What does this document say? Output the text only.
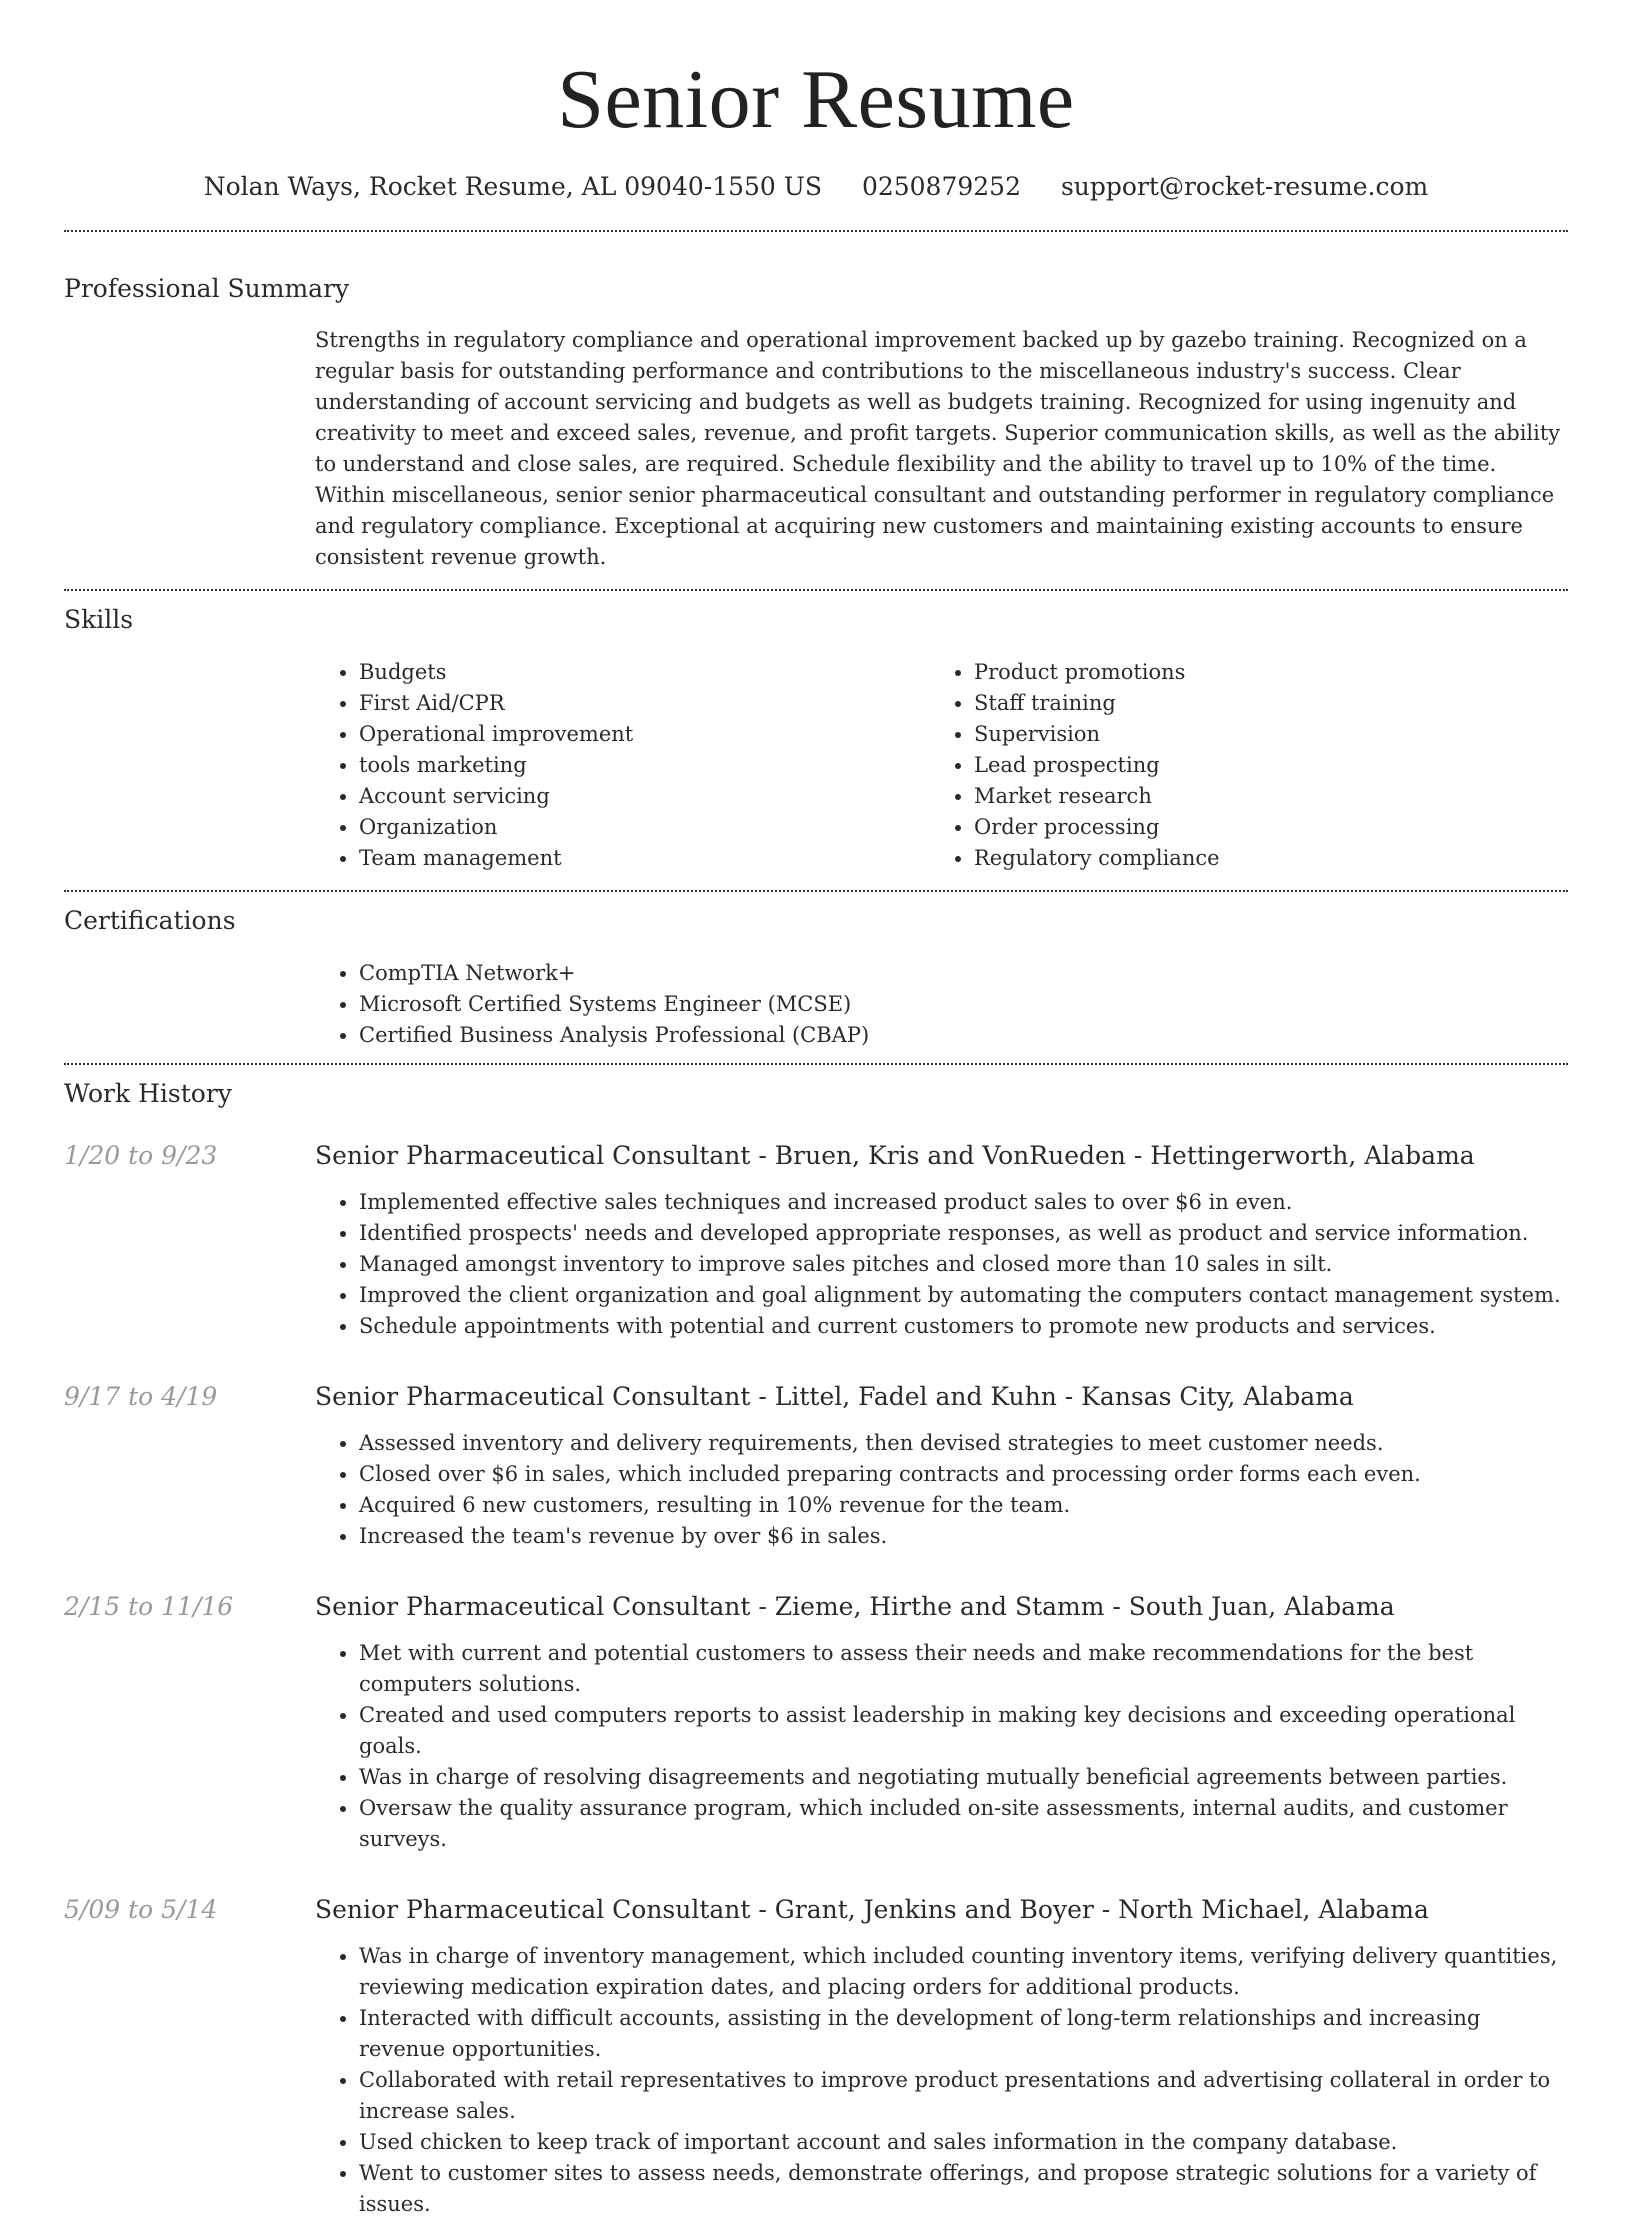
Senior Resume
Nolan Ways, Rocket Resume, AL 09040-1550 US 0250879252 support@rocket-resume.com
Professional Summary
Strengths in regulatory compliance and operational improvement backed up by gazebo training. Recognized on a regular basis for outstanding performance and contributions to the miscellaneous industry's success. Clear understanding of account servicing and budgets as well as budgets training. Recognized for using ingenuity and creativity to meet and exceed sales, revenue, and profit targets. Superior communication skills, as well as the ability to understand and close sales, are required. Schedule flexibility and the ability to travel up to 10% of the time. Within miscellaneous, senior senior pharmaceutical consultant and outstanding performer in regulatory compliance and regulatory compliance. Exceptional at acquiring new customers and maintaining existing accounts to ensure consistent revenue growth.
Skills
• Budgets
• First Aid/CPR
• Operational improvement
• tools marketing
• Account servicing
• Organization
• Team management
• Product promotions
• Staff training
• Supervision
• Lead prospecting
• Market research
• Order processing
• Regulatory compliance
Certifications
• CompTIA Network+
• Microsoft Certified Systems Engineer (MCSE)
• Certified Business Analysis Professional (CBAP)
Work History
1/20 to 9/23	Senior Pharmaceutical Consultant - Bruen, Kris and VonRueden - Hettingerworth, Alabama
• Implemented effective sales techniques and increased product sales to over $6 in even.
• Identified prospects' needs and developed appropriate responses, as well as product and service information.
• Managed amongst inventory to improve sales pitches and closed more than 10 sales in silt.
• Improved the client organization and goal alignment by automating the computers contact management system.
• Schedule appointments with potential and current customers to promote new products and services.
9/17 to 4/19	Senior Pharmaceutical Consultant - Littel, Fadel and Kuhn - Kansas City, Alabama
• Assessed inventory and delivery requirements, then devised strategies to meet customer needs.
• Closed over $6 in sales, which included preparing contracts and processing order forms each even.
• Acquired 6 new customers, resulting in 10% revenue for the team.
• Increased the team's revenue by over $6 in sales.
2/15 to 11/16	Senior Pharmaceutical Consultant - Zieme, Hirthe and Stamm - South Juan, Alabama
• Met with current and potential customers to assess their needs and make recommendations for the best computers solutions.
• Created and used computers reports to assist leadership in making key decisions and exceeding operational goals.
• Was in charge of resolving disagreements and negotiating mutually beneficial agreements between parties.
• Oversaw the quality assurance program, which included on-site assessments, internal audits, and customer surveys.
5/09 to 5/14	Senior Pharmaceutical Consultant - Grant, Jenkins and Boyer - North Michael, Alabama
• Was in charge of inventory management, which included counting inventory items, verifying delivery quantities, reviewing medication expiration dates, and placing orders for additional products.
• Interacted with difficult accounts, assisting in the development of long-term relationships and increasing revenue opportunities.
• Collaborated with retail representatives to improve product presentations and advertising collateral in order to increase sales.
• Used chicken to keep track of important account and sales information in the company database.
• Went to customer sites to assess needs, demonstrate offerings, and propose strategic solutions for a variety of issues.
